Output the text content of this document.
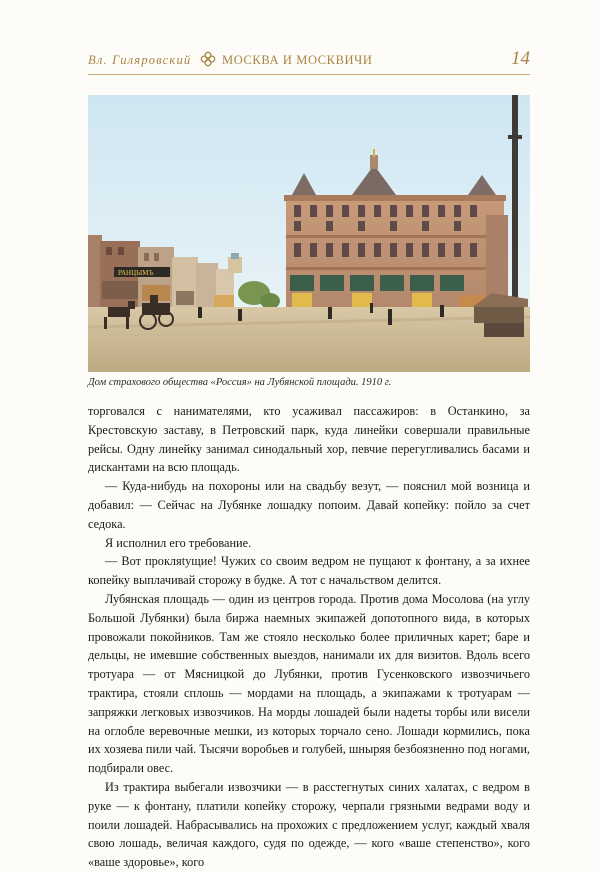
Вл. Гиляровский МОСКВА И МОСКВИЧИ	14
РАНЦЫМЪ
Дом страхового общества «Россия» на Лубянской площади. 1910 г.

торговался с нанимателями, кто усаживал пассажиров: в Останкино, за Крестовскую заставу, в Петровский парк, куда линейки совершали правильные рейсы. Одну линейку занимал синодальный хор, певчие перегугливались басами и дискантами на всю площадь.

— Куда-нибудь на похороны или на свадьбу везут, — пояснил мой возница и добавил: — Сейчас на Лубянке лошадку попоим. Давай копейку: пойло за счет седока.

Я исполнил его требование.

— Вот прокляtущие! Чужих со своим ведром не пущают к фонтану, а за ихнее копейку выплачивай сторожу в будке. А тот с начальством делится.

Лубянская площадь — один из центров города. Против дома Мосолова (на углу Большой Лубянки) была биржа наемных экипажей допотопного вида, в которых провожали покойников. Там же стояло несколько более приличных карет; баре и дельцы, не имевшие собственных выездов, нанимали их для визитов. Вдоль всего тротуара — от Мясницкой до Лубянки, против Гусенковского извозчичьего трактира, стояли сплошь — мордами на площадь, а экипажами к тротуарам — запряжки легковых извозчиков. На морды лошадей были надеты торбы или висели на оглобле веревочные мешки, из которых торчало сено. Лошади кормились, пока их хозяева пили чай. Тысячи воробьев и голубей, шныряя безбоязненно под ногами, подбирали овес.

Из трактира выбегали извозчики — в расстегнутых синих халатах, с ведром в руке — к фонтану, платили копейку сторожу, черпали грязными ведрами воду и поили лошадей. Набрасывались на прохожих с предложением услуг, каждый хваля свою лошадь, величая каждого, судя по одежде, — кого «ваше степенство», кого «ваше здоровье», кого
